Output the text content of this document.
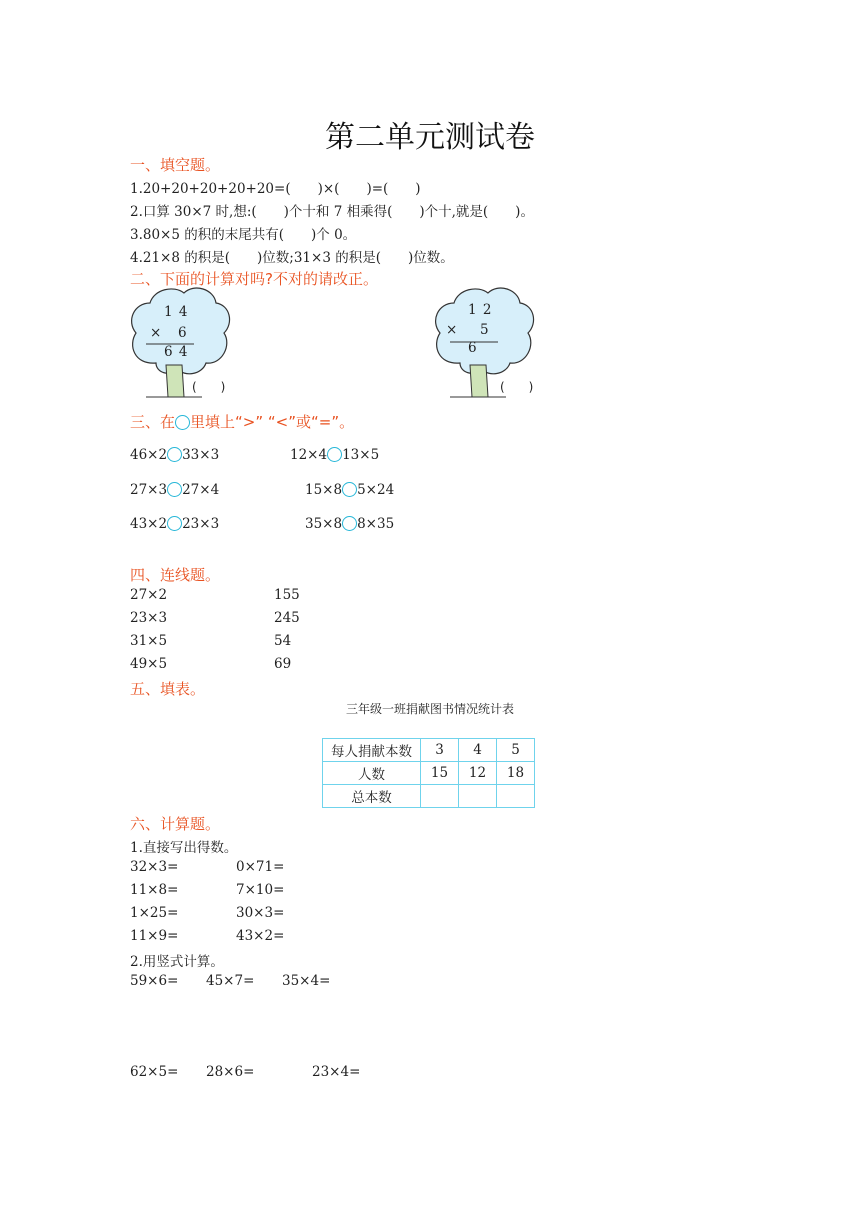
第二单元测试卷
一、填空题。
1.20+20+20+20+20=(　　)×(　　)=(　　)
2.口算 30×7 时,想:(　　)个十和 7 相乘得(　　)个十,就是(　　)。
3.80×5 的积的末尾共有(　　)个 0。
4.21×8 的积是(　　)位数;31×3 的积是(　　)位数。
二、下面的计算对吗?不对的请改正。
1 4
× 6
6 4
(　　)
1 2
× 5
6
(　　)
三、在 里填上“>” “<”或“=”。
46×2 33×3	12×4 13×5
27×3 27×4	15×8 5×24
43×2 23×3	35×8 8×35
四、连线题。
27×2
23×3
31×5
49×5
155
245
54
69
五、填表。
三年级一班捐献图书情况统计表
每人捐献本数	3	4	5
人数	15	12	18
总本数			
六、计算题。
1.直接写出得数。
32×3=	0×71=
11×8=	7×10=
1×25=	30×3=
11×9=	43×2=
2.用竖式计算。
59×6= 45×7= 35×4=
62×5= 28×6=	23×4=
